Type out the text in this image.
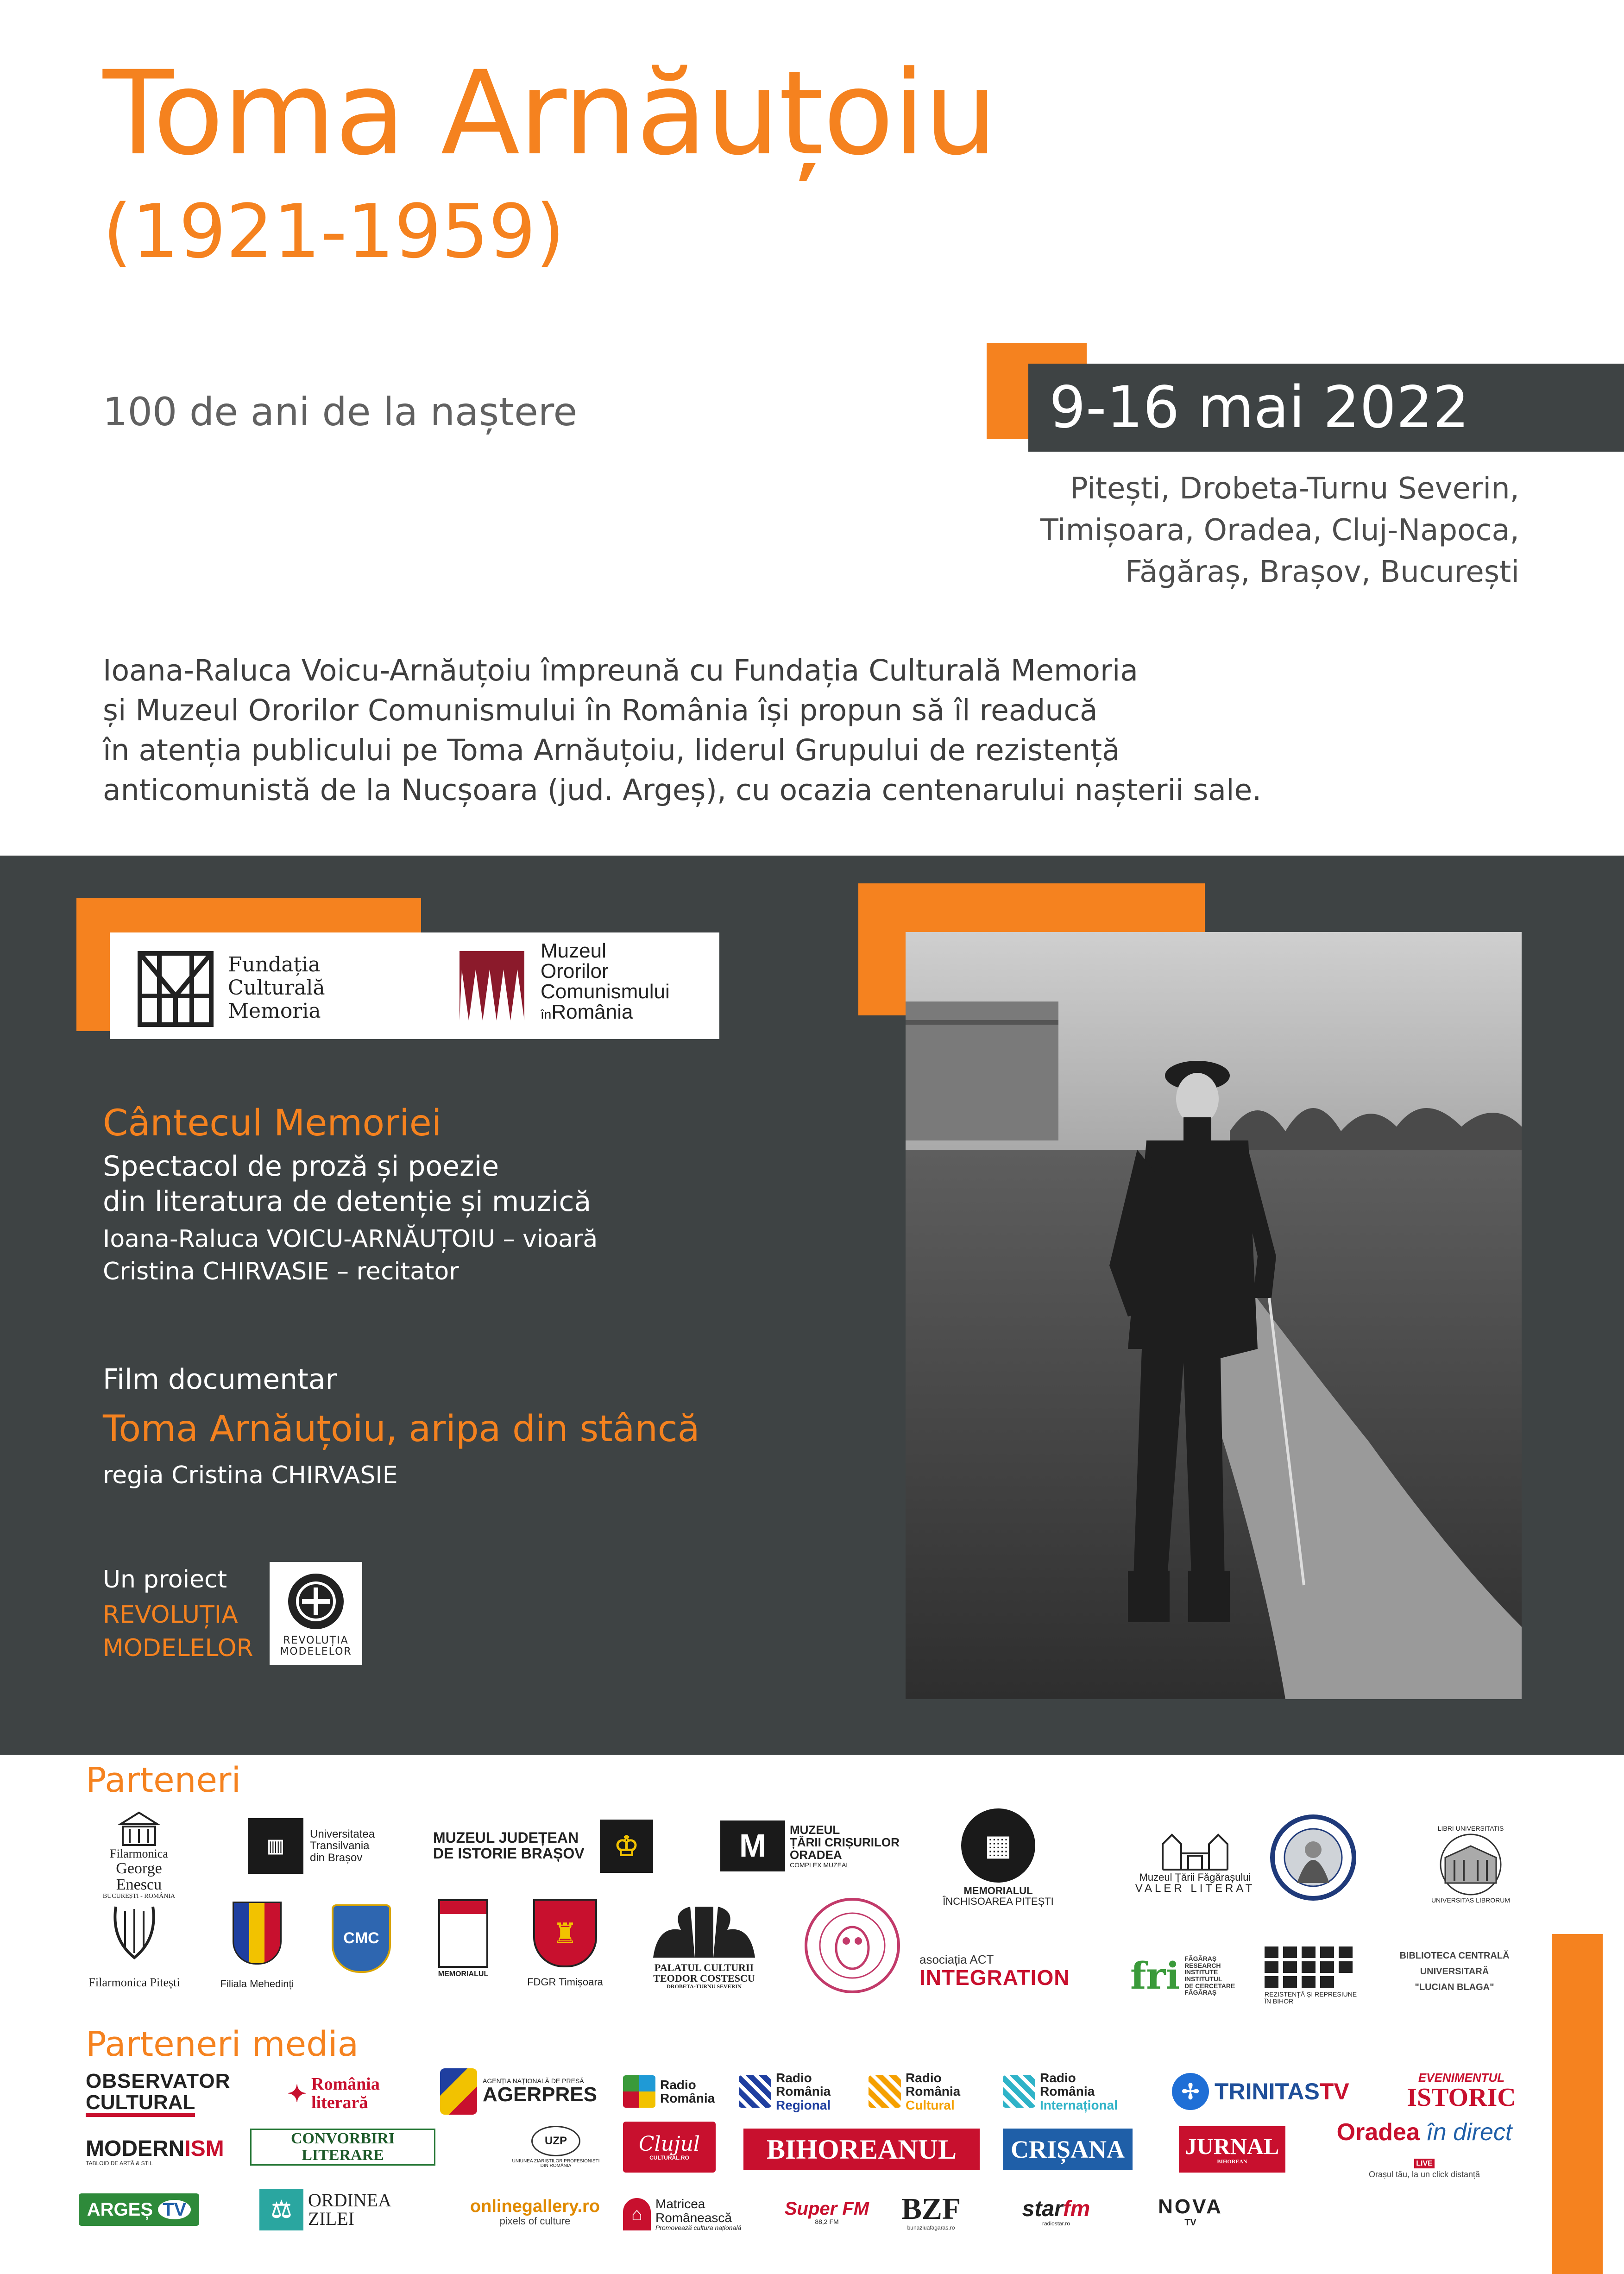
Toma Arnăuțoiu
(1921-1959)
100 de ani de la naștere	9-16 mai 2022
Pitești, Drobeta-Turnu Severin,
Timișoara, Oradea, Cluj-Napoca,
Făgăraș, Brașov, București
Ioana-Raluca Voicu-Arnăuțoiu împreună cu Fundația Culturală Memoria
și Muzeul Ororilor Comunismului în România își propun să îl readucă
în atenția publicului pe Toma Arnăuțoiu, liderul Grupului de rezistență
anticomunistă de la Nucșoara (jud. Argeș), cu ocazia centenarului nașterii sale.
Fundația
Culturală
Memoria
Muzeul
Ororilor
Comunismului
înRomânia
Cântecul Memoriei
Spectacol de proză și poezie
din literatura de detenție și muzică
Ioana-Raluca VOICU-ARNĂUȚOIU – vioară
Cristina CHIRVASIE – recitator
Film documentar
Toma Arnăuțoiu, aripa din stâncă
regia Cristina CHIRVASIE
Un proiect
REVOLUȚIA
MODELELOR	REVOLUȚIA
MODELELOR
Parteneri
Filarmonica
George
Enescu
BUCUREȘTI - ROMÂNIA
▥
Universitatea
Transilvania
din Brașov
MUZEUL JUDEȚEAN
DE ISTORIE BRAȘOV	♔	M	MUZEUL
ȚĂRII CRIȘURILOR
ORADEA
COMPLEX MUZEAL
▦
MEMORIALUL
ÎNCHISOAREA PITEȘTI
Muzeul Țării Făgărașului
VALER LITERAT
LIBRI UNIVERSITATIS
UNIVERSITAS LIBRORUM
BIBLIOTECA CENTRALĂ UNIVERSITARĂ
"LUCIAN BLAGA"
Filarmonica Pitești	Filiala Mehedinți
CMC
MEMORIALUL
♜
FDGR Timișoara
PALATUL CULTURII
TEODOR COSTESCU
DROBETA-TURNU SEVERIN
asociația ACT
INTEGRATION fri FĂGĂRAȘ
RESEARCH
INSTITUTE
INSTITUTUL
DE CERCETARE
FĂGĂRAȘ	REZISTENȚĂ ȘI REPRESIUNE
ÎN BIHOR
Parteneri media
OBSERVATOR
CULTURAL	✦ România
literară
AGENȚIA NAȚIONALĂ DE PRESĂ
AGERPRES	Radio
România
Radio
România
Regional
Radio
România
Cultural
Radio
România
Internațional
✢ TRINITAS TV
EVENIMENTUL
ISTORIC
MODERNISM
TABLOID DE ARTĂ & STIL
CONVORBIRI LITERARE
UZP
UNIUNEA ZIARIȘTILOR PROFESIONIȘTI
DIN ROMÂNIA
Clujul
CULTURAL.RO	BIHOREANUL	CRIȘANA	JURNAL
BIHOREAN
Oradea în direct LIVE
Orașul tău, la un click distanță
ARGEȘ
TV	⚖ ORDINEA
ZILEI
onlinegallery.ro
pixels of culture	⌂
Matricea
Românească
Promovează cultura națională
Super FM
88,2 FM BZF
bunaziuafagaras.ro
starfm
radiostar.ro
NOVA
TV
